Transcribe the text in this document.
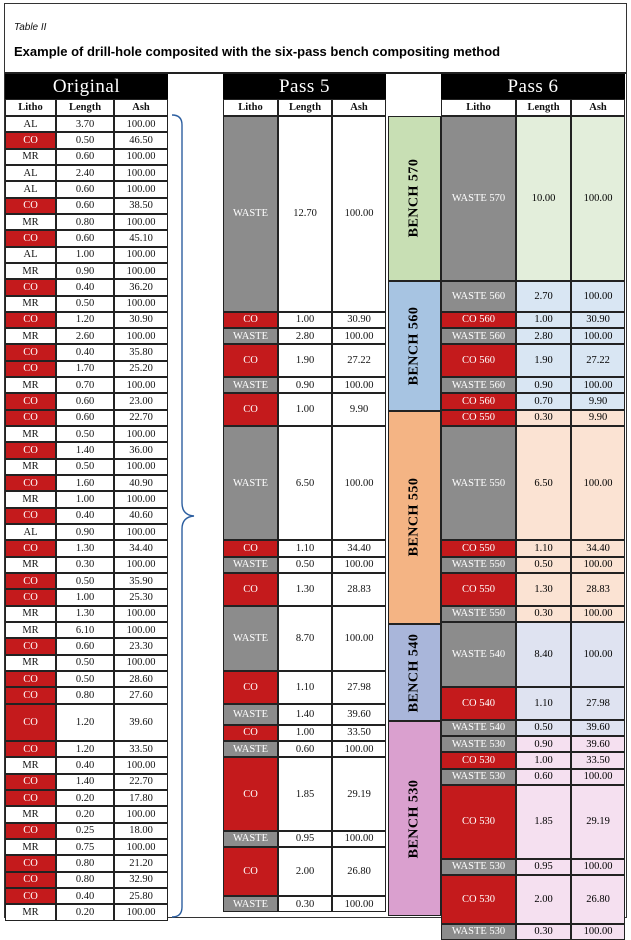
Table II
Example of drill-hole composited with the six-pass bench compositing method
Original	Pass 5	Pass 6
Litho	Length	Ash	Litho	Length	Ash	Litho	Length	Ash
AL	3.70	100.00
CO	0.50	46.50
MR	0.60	100.00
AL	2.40	100.00
AL	0.60	100.00
CO	0.60	38.50
MR	0.80	100.00
CO	0.60	45.10
AL	1.00	100.00
MR	0.90	100.00
CO	0.40	36.20
MR	0.50	100.00
CO	1.20	30.90
MR	2.60	100.00
CO	0.40	35.80
CO	1.70	25.20
MR	0.70	100.00
CO	0.60	23.00
CO	0.60	22.70
MR	0.50	100.00
CO	1.40	36.00
MR	0.50	100.00
CO	1.60	40.90
MR	1.00	100.00
CO	0.40	40.60
AL	0.90	100.00
CO	1.30	34.40
MR	0.30	100.00
CO	0.50	35.90
CO	1.00	25.30
MR	1.30	100.00
MR	6.10	100.00
CO	0.60	23.30
MR	0.50	100.00
CO	0.50	28.60
CO	0.80	27.60
CO	1.20	39.60
CO	1.20	33.50
MR	0.40	100.00
CO	1.40	22.70
CO	0.20	17.80
MR	0.20	100.00
CO	0.25	18.00
MR	0.75	100.00
CO	0.80	21.20
CO	0.80	32.90
CO	0.40	25.80
MR	0.20	100.00
WASTE	12.70	100.00
CO	1.00	30.90
WASTE	2.80	100.00
CO	1.90	27.22
WASTE	0.90	100.00
CO	1.00	9.90
WASTE	6.50	100.00
CO	1.10	34.40
WASTE	0.50	100.00
CO	1.30	28.83
WASTE	8.70	100.00
CO	1.10	27.98
WASTE	1.40	39.60
CO	1.00	33.50
WASTE	0.60	100.00
CO	1.85	29.19
WASTE	0.95	100.00
CO	2.00	26.80
WASTE	0.30	100.00
BENCH 570
BENCH 560
BENCH 550
BENCH 540
BENCH 530
WASTE 570	10.00	100.00
WASTE 560	2.70	100.00
CO 560	1.00	30.90
WASTE 560	2.80	100.00
CO 560	1.90	27.22
WASTE 560	0.90	100.00
CO 560	0.70	9.90
CO 550	0.30	9.90
WASTE 550	6.50	100.00
CO 550	1.10	34.40
WASTE 550	0.50	100.00
CO 550	1.30	28.83
WASTE 550	0.30	100.00
WASTE 540	8.40	100.00
CO 540	1.10	27.98
WASTE 540	0.50	39.60
WASTE 530	0.90	39.60
CO 530	1.00	33.50
WASTE 530	0.60	100.00
CO 530	1.85	29.19
WASTE 530	0.95	100.00
CO 530	2.00	26.80
WASTE 530	0.30	100.00
